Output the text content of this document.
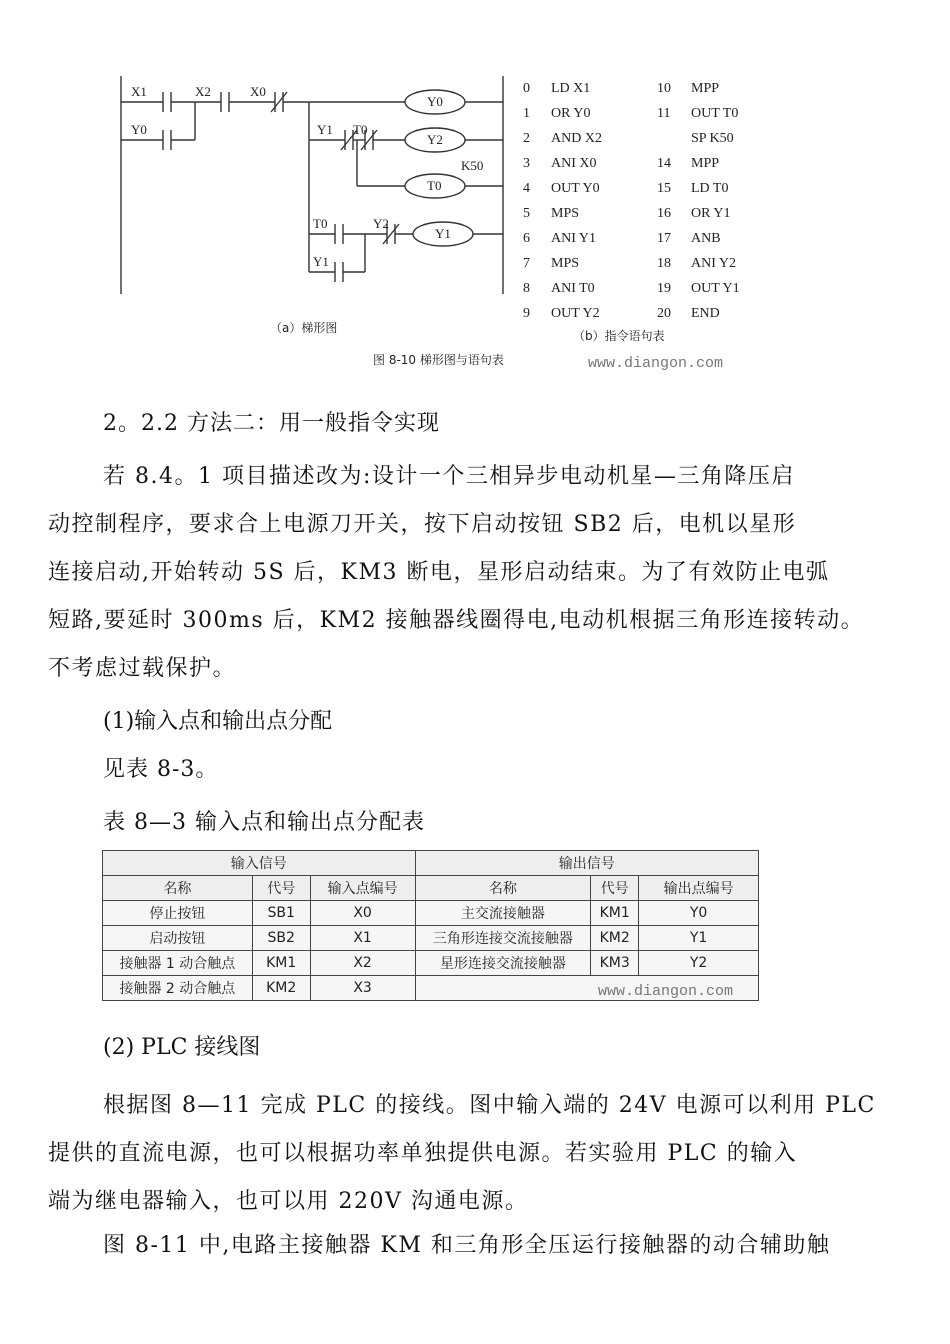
X1	X2	X0
Y0	Y1 T0
T0	Y2
Y1
Y0
Y2
T0
Y1
K50
（a）梯形图
0 LD X1
1 OR Y0
2 AND X2
3 ANI X0
4 OUT Y0
5 MPS
6 ANI Y1
7 MPS
8 ANI T0
9 OUT Y2
10 MPP
11 OUT T0
SP K50
14 MPP
15 LD T0
16 OR Y1
17 ANB
18 ANI Y2
19 OUT Y1
20 END
（b）指令语句表
图 8-10 梯形图与语句表	www.diangon.com
2。2.2 方法二：用一般指令实现
若 8.4。1 项目描述改为:设计一个三相异步电动机星—三角降压启
动控制程序，要求合上电源刀开关，按下启动按钮 SB2 后，电机以星形
连接启动,开始转动 5S 后，KM3 断电，星形启动结束。为了有效防止电弧
短路,要延时 300ms 后，KM2 接触器线圈得电,电动机根据三角形连接转动。
不考虑过载保护。
(1)输入点和输出点分配
见表 8-3。
表 8—3 输入点和输出点分配表
输入信号			输出信号		
名称	代号	输入点编号	名称	代号	输出点编号
停止按钮	SB1	X0	主交流接触器	KM1	Y0
启动按钮	SB2	X1	三角形连接交流接触器	KM2	Y1
接触器 1 动合触点	KM1	X2	星形连接交流接触器	KM3	Y2
接触器 2 动合触点	KM2	X3				www.diangon.com
(2) PLC 接线图
根据图 8—11 完成 PLC 的接线。图中输入端的 24V 电源可以利用 PLC
提供的直流电源，也可以根据功率单独提供电源。若实验用 PLC 的输入
端为继电器输入，也可以用 220V 沟通电源。
图 8-11 中,电路主接触器 KM 和三角形全压运行接触器的动合辅助触
